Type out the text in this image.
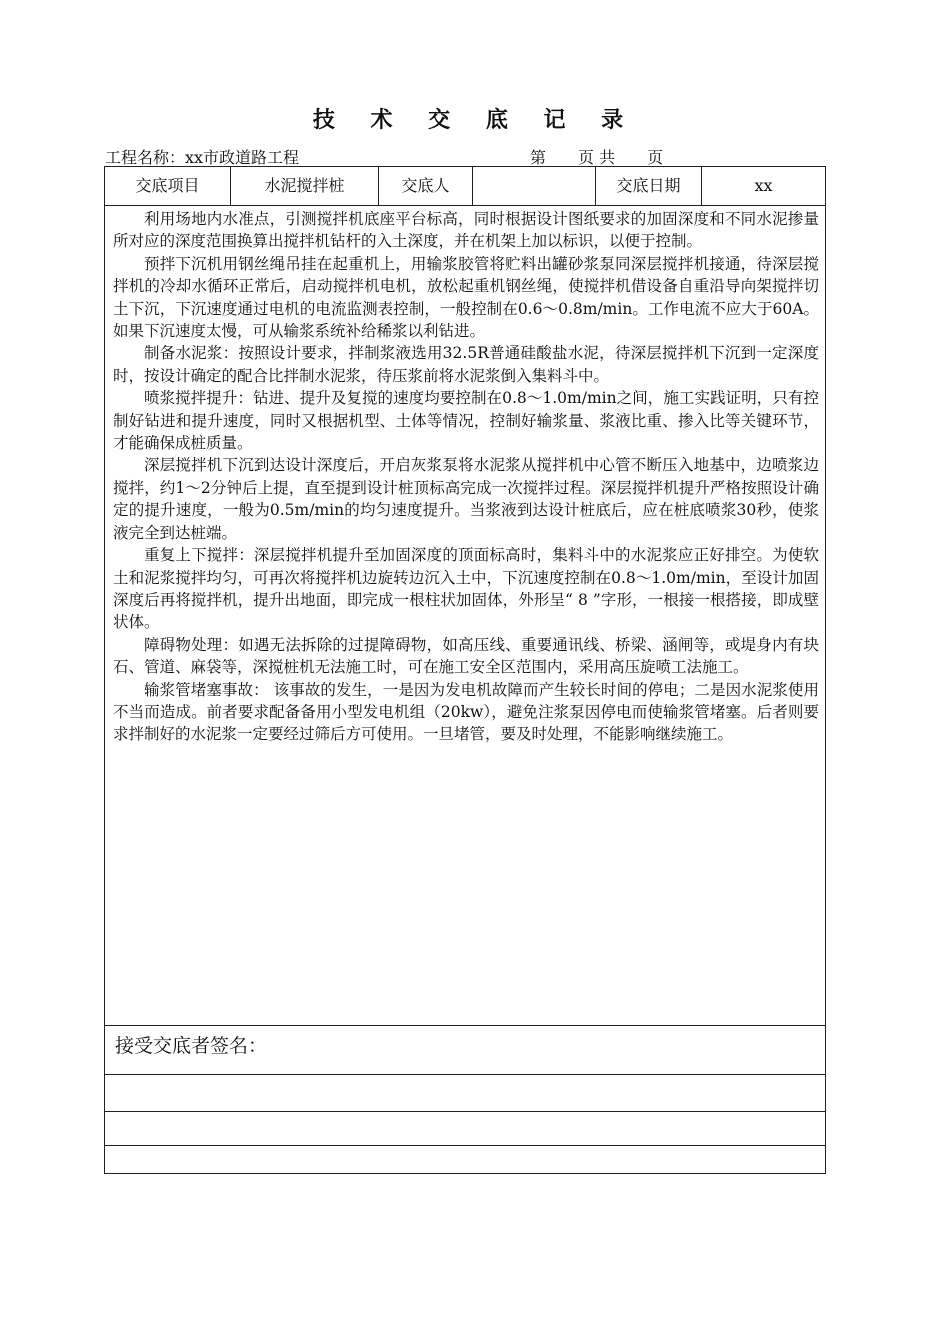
技 术 交 底 记 录
工程名称：xx市政道路工程	第　　页 共　　页
交底项目	水泥搅拌桩	交底人	交底日期	xx

利用场地内水准点，引测搅拌机底座平台标高，同时根据设计图纸要求的加固深度和不同水泥掺量所对应的深度范围换算出搅拌机钻杆的入土深度，并在机架上加以标识，以便于控制。

预拌下沉机用钢丝绳吊挂在起重机上，用输浆胶管将贮料出罐砂浆泵同深层搅拌机接通，待深层搅拌机的冷却水循环正常后，启动搅拌机电机，放松起重机钢丝绳，使搅拌机借设备自重沿导向架搅拌切土下沉，下沉速度通过电机的电流监测表控制，一般控制在0.6～0.8m/min。工作电流不应大于60A。如果下沉速度太慢，可从输浆系统补给稀浆以利钻进。

制备水泥浆：按照设计要求，拌制浆液选用32.5R普通硅酸盐水泥，待深层搅拌机下沉到一定深度时，按设计确定的配合比拌制水泥浆，待压浆前将水泥浆倒入集料斗中。

喷浆搅拌提升：钻进、提升及复搅的速度均要控制在0.8～1.0m/min之间，施工实践证明，只有控制好钻进和提升速度，同时又根据机型、土体等情况，控制好输浆量、浆液比重、掺入比等关键环节，才能确保成桩质量。

深层搅拌机下沉到达设计深度后，开启灰浆泵将水泥浆从搅拌机中心管不断压入地基中，边喷浆边搅拌，约1～2分钟后上提，直至提到设计桩顶标高完成一次搅拌过程。深层搅拌机提升严格按照设计确定的提升速度，一般为0.5m/min的均匀速度提升。当浆液到达设计桩底后，应在桩底喷浆30秒，使浆液完全到达桩端。

重复上下搅拌：深层搅拌机提升至加固深度的顶面标高时，集料斗中的水泥浆应正好排空。为使软土和泥浆搅拌均匀，可再次将搅拌机边旋转边沉入土中，下沉速度控制在0.8～1.0m/min，至设计加固深度后再将搅拌机，提升出地面，即完成一根柱状加固体，外形呈“ 8 ”字形，一根接一根搭接，即成壁状体。

障碍物处理：如遇无法拆除的过提障碍物，如高压线、重要通讯线、桥梁、涵闸等，或堤身内有块石、管道、麻袋等，深搅桩机无法施工时，可在施工安全区范围内，采用高压旋喷工法施工。

输浆管堵塞事故： 该事故的发生，一是因为发电机故障而产生较长时间的停电；二是因水泥浆使用不当而造成。前者要求配备备用小型发电机组（20kw），避免注浆泵因停电而使输浆管堵塞。后者则要求拌制好的水泥浆一定要经过筛后方可使用。一旦堵管，要及时处理，不能影响继续施工。

接受交底者签名：
